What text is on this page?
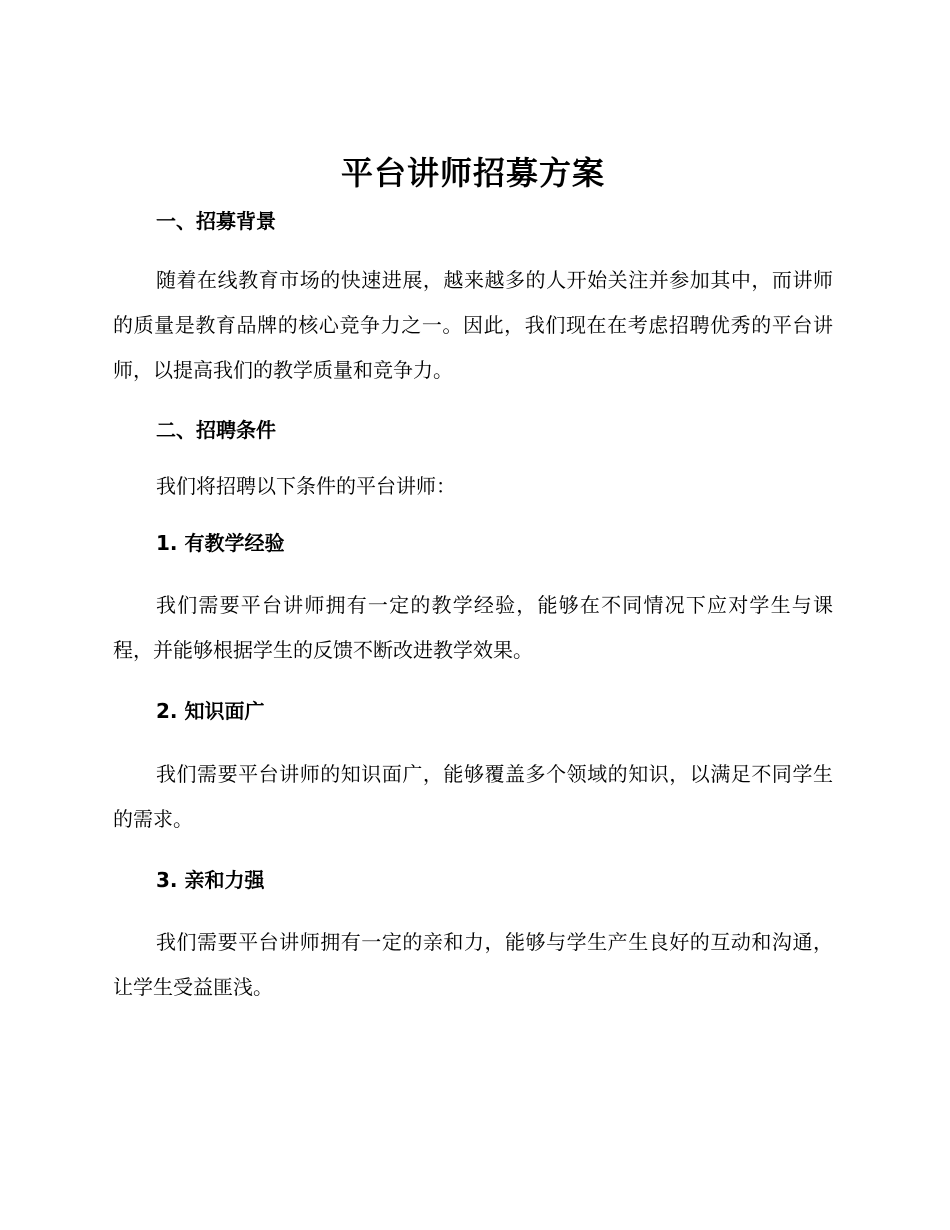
平台讲师招募方案
一、招募背景

随着在线教育市场的快速进展，越来越多的人开始关注并参加其中，而讲师的质量是教育品牌的核心竞争力之一。因此，我们现在在考虑招聘优秀的平台讲师，以提高我们的教学质量和竞争力。

二、招聘条件

我们将招聘以下条件的平台讲师：

1. 有教学经验

我们需要平台讲师拥有一定的教学经验，能够在不同情况下应对学生与课程，并能够根据学生的反馈不断改进教学效果。

2. 知识面广

我们需要平台讲师的知识面广，能够覆盖多个领域的知识，以满足不同学生的需求。

3. 亲和力强

我们需要平台讲师拥有一定的亲和力，能够与学生产生良好的互动和沟通，让学生受益匪浅。
